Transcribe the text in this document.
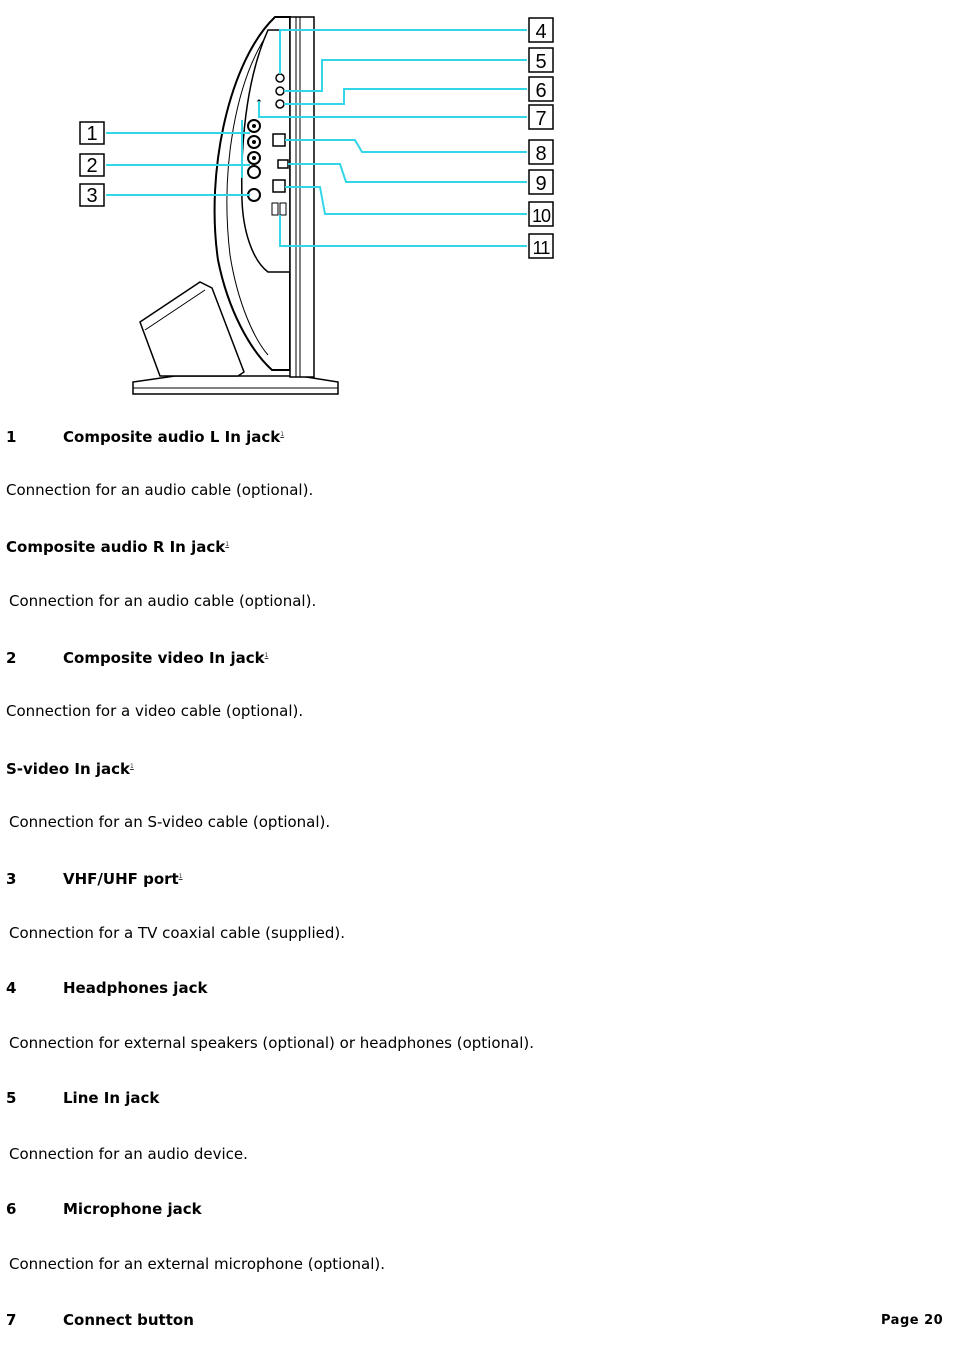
1
2
3
4
5
6
7
8
9
10
11
1	Composite audio L In jack$^1$
Connection for an audio cable (optional).
Composite audio R In jack$^1$
Connection for an audio cable (optional).
2	Composite video In jack$^1$
Connection for a video cable (optional).
S-video In jack$^1$
Connection for an S-video cable (optional).
3	VHF/UHF port$^1$
Connection for a TV coaxial cable (supplied).
4	Headphones jack
Connection for external speakers (optional) or headphones (optional).
5	Line In jack
Connection for an audio device.
6	Microphone jack
Connection for an external microphone (optional).
7	Connect button	Page 20
